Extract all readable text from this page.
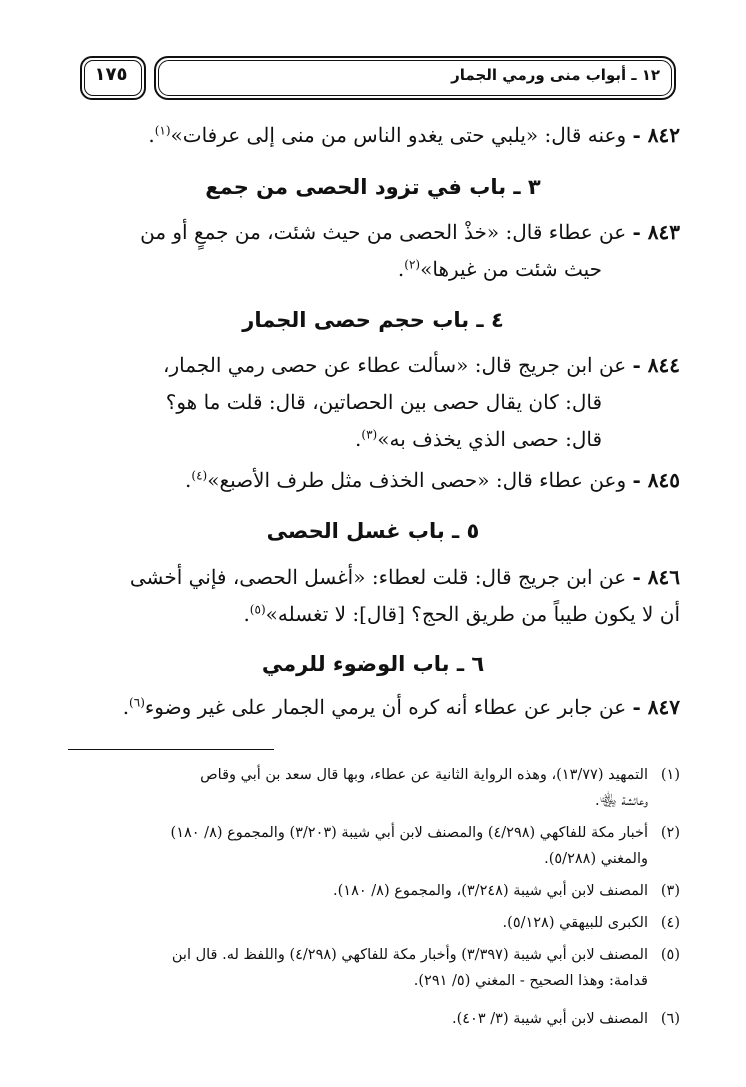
١٢ ـ أبواب منى ورمي الجمار
١٧٥
٨٤٢ - وعنه قال: «يلبي حتى يغدو الناس من منى إلى عرفات»$^{(١)}$.
٣ ـ باب في تزود الحصى من جمع
٨٤٣ - عن عطاء قال: «خذْ الحصى من حيث شئت، من جمعٍ أو من
حيث شئت من غيرها»$^{(٢)}$.
٤ ـ باب حجم حصى الجمار
٨٤٤ - عن ابن جريج قال: «سألت عطاء عن حصى رمي الجمار،
قال: كان يقال حصى بين الحصاتين، قال: قلت ما هو؟
قال: حصى الذي يخذف به»$^{(٣)}$.
٨٤٥ - وعن عطاء قال: «حصى الخذف مثل طرف الأصبع»$^{(٤)}$.
٥ ـ باب غسل الحصى
٨٤٦ - عن ابن جريج قال: قلت لعطاء: «أغسل الحصى، فإني أخشى
أن لا يكون طيباً من طريق الحج؟ [قال]: لا تغسله»$^{(٥)}$.
٦ ـ باب الوضوء للرمي
٨٤٧ - عن جابر عن عطاء أنه كره أن يرمي الجمار على غير وضوء$^{(٦)}$.
(١)التمهيد (١٣/٧٧)، وهذه الرواية الثانية عن عطاء، وبها قال سعد بن أبي وقاص
وعائشة ﵄.
(٢)أخبار مكة للفاكهي (٤/٢٩٨) والمصنف لابن أبي شيبة (٣/٢٠٣) والمجموع (٨/ ١٨٠)
والمغني (٥/٢٨٨).
(٣)المصنف لابن أبي شيبة (٣/٢٤٨)، والمجموع (٨/ ١٨٠).
(٤)الكبرى للبيهقي (٥/١٢٨).
(٥)المصنف لابن أبي شيبة (٣/٣٩٧) وأخبار مكة للفاكهي (٤/٢٩٨) واللفظ له. قال ابن
قدامة: وهذا الصحيح - المغني (٥/ ٢٩١).
(٦)المصنف لابن أبي شيبة (٣/ ٤٠٣).
